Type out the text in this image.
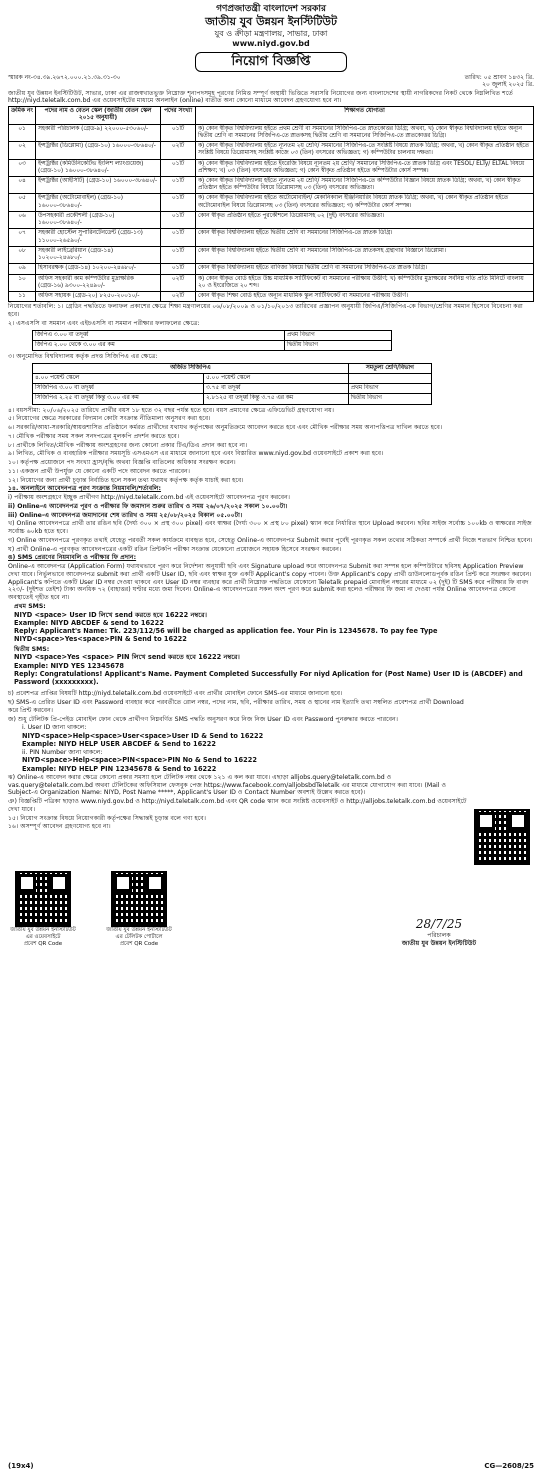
গণপ্রজাতন্ত্রী বাংলাদেশ সরকার
জাতীয় যুব উন্নয়ন ইনস্টিটিউট
যুব ও ক্রীড়া মন্ত্রণালয়, সাভার, ঢাকা
www.niyd.gov.bd
নিয়োগ বিজ্ঞপ্তি
স্মারক নং-৩৪.৩৯.২৬৭২.০০০.২১.৩৯.৩১-৩০	তারিখ: ০৫ শ্রাবণ ১৪৩২ খ্রি.
২০ জুলাই ২০২৫ খ্রি.

জাতীয় যুব উন্নয়ন ইনস্টিটিউট, সাভার, ঢাকা এর রাজস্বখাতভুক্ত নিম্নোক্ত শূন্যপদসমূহ পূরণের নিমিত্ত সম্পূর্ণ অস্থায়ী ভিত্তিতে সরাসরি নিয়োগের জন্য বাংলাদেশের স্থায়ী নাগরিকদের নিকট থেকে নিম্নলিখিত শর্তে http://niyd.teletalk.com.bd এর ওয়েবসাইটের মাধ্যমে অনলাইন (online) ব্যতীত অন্য কোনো মাধ্যমে আবেদন গ্রহণযোগ্য হবে না।

ক্রমিক নং	পদের নাম ও বেতন স্কেল (জাতীয় বেতন স্কেল ২০১৫ অনুযায়ী)	পদের সংখ্যা	শিক্ষাগত যোগ্যতা
০১	সহকারী পরিচালক (গ্রেড-৯) ২২০০০-৫৩০৬০/-	০১টি	ক) কোন স্বীকৃত বিশ্ববিদ্যালয় হইতে প্রথম শ্রেণী বা সমমানের সিজিপিএ-তে স্নাতকোত্তর ডিগ্রি; অথবা, খ) কোন স্বীকৃত বিশ্ববিদ্যালয় হইতে অন্যূন দ্বিতীয় শ্রেণি বা সমমানের সিজিপিএ-তে স্নাতকসহ দ্বিতীয় শ্রেণি বা সমমানের সিজিপিএ-তে স্নাতকোত্তর ডিগ্রি।
০২	ইন্সট্রাক্টর (ডিপ্লোমা) (গ্রেড-১০) ১৬০০০-৩৮৬৪০/-	০২টি	ক) কোন স্বীকৃত বিশ্ববিদ্যালয় হইতে ন্যূনতম ২য় শ্রেণি/ সমমানের সিজিপিএ-তে সংশ্লিষ্ট বিষয়ে স্নাতক ডিগ্রি; অথবা, খ) কোন স্বীকৃত প্রতিষ্ঠান হইতে সংশ্লিষ্ট বিষয়ে ডিপ্লোমাসহ সংশ্লিষ্ট কাজে ০৩ (তিন) বৎসরের অভিজ্ঞতা; গ) কম্পিউটার চালনায় দক্ষতা।
০৩	ইন্সট্রাক্টর (কমিউনিকেটিভ ইংলিশ ল্যাংগুয়েজ) (গ্রেড-১০) ১৬০০০-৩৮৬৪০/-	০১টি	ক) কোন স্বীকৃত বিশ্ববিদ্যালয় হইতে ইংরেজি বিষয়ে ন্যূনতম ২য় শ্রেণি/ সমমানের সিজিপিএ-তে স্নাতক ডিগ্রি এবং TESOL/ ELTy/ ELTAL বিষয়ে প্রশিক্ষণ; খ) ০৩ (তিন) বৎসরের অভিজ্ঞতা; গ) কোন স্বীকৃত প্রতিষ্ঠান হইতে কম্পিউটার কোর্স সম্পন্ন।
০৪	ইন্সট্রাক্টর (আইসিটি) (গ্রেড-১০) ১৬০০০-৩৮৬৪০/-	০১টি	ক) কোন স্বীকৃত বিশ্ববিদ্যালয় হইতে ন্যূনতম ২য় শ্রেণি/ সমমানের সিজিপিএ-তে কম্পিউটার বিজ্ঞান বিষয়ে স্নাতক ডিগ্রি; অথবা, খ) কোন স্বীকৃত প্রতিষ্ঠান হইতে কম্পিউটার বিষয়ে ডিপ্লোমাসহ ০৩ (তিন) বৎসরের অভিজ্ঞতা।
০৫	ইন্সট্রাক্টর (অটোমোবাইল) (গ্রেড-১০) ১৬০০০-৩৮৬৪০/-	০১টি	ক) কোন স্বীকৃত বিশ্ববিদ্যালয় হইতে অটোমোবাইল/ মেকানিক্যাল ইঞ্জিনিয়ারিং বিষয়ে স্নাতক ডিগ্রি; অথবা, খ) কোন স্বীকৃত প্রতিষ্ঠান হইতে অটোমোবাইল বিষয়ে ডিপ্লোমাসহ ০৩ (তিন) বৎসরের অভিজ্ঞতা; গ) কম্পিউটার কোর্স সম্পন্ন।
০৬	উপসহকারী প্রকৌশলী (গ্রেড-১০) ১৬০০০-৩৮৬৪০/-	০১টি	কোন স্বীকৃত প্রতিষ্ঠান হইতে পুরকৌশলে ডিপ্লোমাসহ ০২ (দুই) বৎসরের অভিজ্ঞতা।
০৭	সহকারী হোস্টেল সুপারিনটেনডেন্ট (গ্রেড-১৩) ১১০০০-২৬৫৯০/-	০১টি	কোন স্বীকৃত বিশ্ববিদ্যালয় হইতে দ্বিতীয় শ্রেণি বা সমমানের সিজিপিএ-তে স্নাতক ডিগ্রি।
০৮	সহকারী লাইব্রেরিয়ান (গ্রেড-১৪) ১০২০০-২৪৬৮০/-	০১টি	কোন স্বীকৃত বিশ্ববিদ্যালয় হইতে দ্বিতীয় শ্রেণি বা সমমানের সিজিপিএ-তে স্নাতকসহ গ্রন্থাগার বিজ্ঞানে ডিপ্লোমা।
০৯	হিসাবরক্ষক (গ্রেড-১৪) ১০২০০-২৪৬৮০/-	০১টি	কোন স্বীকৃত বিশ্ববিদ্যালয় হইতে বাণিজ্য বিষয়ে দ্বিতীয় শ্রেণি বা সমমানের সিজিপিএ-তে স্নাতক ডিগ্রি।
১০	অফিস সহকারী কাম কম্পিউটার মুদ্রাক্ষরিক (গ্রেড-১৬) ৯৩০০-২২৪৯০/-	০২টি	ক) কোন স্বীকৃত বোর্ড হইতে উচ্চ মাধ্যমিক সার্টিফিকেট বা সমমানের পরীক্ষায় উত্তীর্ণ; খ) কম্পিউটার মুদ্রাক্ষরের সর্বনিম্ন গতি প্রতি মিনিটে বাংলায় ২০ ও ইংরেজিতে ২০ শব্দ।
১১	অফিস সহায়ক (গ্রেড-২০) ৮২৫০-২০০১০/-	০২টি	কোন স্বীকৃত শিক্ষা বোর্ড হইতে অন্যূন মাধ্যমিক স্কুল সার্টিফিকেট বা সমমানের পরীক্ষায় উত্তীর্ণ।

নিয়োগের শর্তাবলি: ১। গ্রেডিং পদ্ধতিতে ফলাফল প্রকাশের ক্ষেত্রে শিক্ষা মন্ত্রণালয়ের ০৬/০৮/২০০৯ ও ০১/১০/২০১৩ তারিখের প্রজ্ঞাপন অনুযায়ী জিপিএ/সিজিপিএ-কে বিভাগ/শ্রেণির সমমান হিসেবে বিবেচনা করা হবে।

২। এসএসসি বা সমমান এবং এইচএসসি বা সমমান পরীক্ষার ফলাফলের ক্ষেত্রে:

জিপিএ ৩.০০ বা তদূর্ধ্ব	প্রথম বিভাগ
জিপিএ ২.০০ থেকে ৩.০০ এর কম	দ্বিতীয় বিভাগ

৩। অনুমোদিত বিশ্ববিদ্যালয় কর্তৃক প্রদত্ত সিজিপিএ এর ক্ষেত্রে:

অর্জিত সিজিপিএ		সমতুল্য শ্রেণি/বিভাগ
৪.০০ পয়েন্ট স্কেলে	৫.০০ পয়েন্ট স্কেলে	
সিজিপিএ ৩.০০ বা তদূর্ধ্ব	৩.৭৫ বা তদূর্ধ্ব	প্রথম বিভাগ
সিজিপিএ ২.২৫ বা তদূর্ধ্ব কিন্তু ৩.০০ এর কম	২.৮১২৫ বা তদূর্ধ্ব কিন্তু ৩.৭৫ এর কম	দ্বিতীয় বিভাগ

৪। বয়সসীমা: ২০/০৬/২০২৫ তারিখে প্রার্থীর বয়স ১৮ হতে ৩২ বছর পর্যন্ত হতে হবে। বয়স প্রমাণের ক্ষেত্রে এফিডেভিট গ্রহণযোগ্য নয়।

৫। নিয়োগের ক্ষেত্রে সরকারের বিদ্যমান কোটা সংক্রান্ত নীতিমালা অনুসরণ করা হবে।

৬। সরকারি/আধা-সরকারি/স্বায়ত্তশাসিত প্রতিষ্ঠানে কর্মরত প্রার্থীদের যথাযথ কর্তৃপক্ষের অনুমতিক্রমে আবেদন করতে হবে এবং মৌখিক পরীক্ষার সময় অনাপত্তিপত্র দাখিল করতে হবে।

৭। মৌখিক পরীক্ষার সময় সকল সনদপত্রের মূলকপি প্রদর্শন করতে হবে।

৮। প্রার্থীকে লিখিত/মৌখিক পরীক্ষায় অংশগ্রহণের জন্য কোনো প্রকার টিএ/ডিএ প্রদান করা হবে না।

৯। লিখিত, মৌখিক ও ব্যবহারিক পরীক্ষার সময়সূচি এসএমএস এর মাধ্যমে জানানো হবে এবং বিস্তারিত www.niyd.gov.bd ওয়েবসাইটে প্রকাশ করা হবে।

১০। কর্তৃপক্ষ প্রয়োজনে পদ সংখ্যা হ্রাস/বৃদ্ধি অথবা বিজ্ঞপ্তি বাতিলের অধিকার সংরক্ষণ করেন।

১১। একজন প্রার্থী উপর্যুক্ত যে কোনো একটি পদে আবেদন করতে পারবেন।

১২। নিয়োগের জন্য প্রার্থী চূড়ান্ত নির্বাচিত হলে সকল তথ্য যথাযথ কর্তৃপক্ষ কর্তৃক যাচাই করা হবে।

১৪. অনলাইনে আবেদনপত্র পূরণ সংক্রান্ত নিয়মাবলি/শর্তাবলি:

i) পরীক্ষায় অংশগ্রহণে ইচ্ছুক প্রার্থীগণ http://niyd.teletalk.com.bd এই ওয়েবসাইটে আবেদনপত্র পূরণ করবেন।

ii) Online-এ আবেদনপত্র পূরণ ও পরীক্ষার ফি জমাদান শুরুর তারিখ ও সময় ২৬/০৭/২০২৫ সকাল ১০.০০টা।

iii) Online-এ আবেদনপত্র জমাদানের শেষ তারিখ ও সময় ২৫/০৮/২০২৫ বিকাল ০৫.০০টা।

খ) Online আবেদনপত্রে প্রার্থী তার রঙিন ছবি (দৈর্ঘ্য ৩০০ × প্রস্থ ৩০০ pixel) এবং স্বাক্ষর (দৈর্ঘ্য ৩০০ × প্রস্থ ৮০ pixel) স্ক্যান করে নির্ধারিত স্থানে Upload করবেন। ছবির সাইজ সর্বোচ্চ ১০০kb ও স্বাক্ষরের সাইজ সর্বোচ্চ ৬০kb হতে হবে।

গ) Online আবেদনপত্রে পূরণকৃত তথ্যই যেহেতু পরবর্তী সকল কার্যক্রমে ব্যবহৃত হবে, সেহেতু Online-এ আবেদনপত্র Submit করার পূর্বেই পূরণকৃত সকল তথ্যের সঠিকতা সম্পর্কে প্রার্থী নিজে শতভাগ নিশ্চিত হবেন।

ঘ) প্রার্থী Online-এ পূরণকৃত আবেদনপত্রের একটি রঙিন প্রিন্টকপি পরীক্ষা সংক্রান্ত যেকোনো প্রয়োজনে সহায়ক হিসেবে সংরক্ষণ করবেন।

ঙ) SMS প্রেরণের নিয়মাবলি ও পরীক্ষার ফি প্রদান:

Online-এ আবেদনপত্র (Application Form) যথাযথভাবে পূরণ করে নির্দেশনা অনুযায়ী ছবি এবং Signature upload করে আবেদনপত্র Submit করা সম্পন্ন হলে কম্পিউটারে ছবিসহ Application Preview দেখা যাবে। নির্ভুলভাবে আবেদনপত্র submit করা প্রার্থী একটি User ID, ছবি এবং স্বাক্ষর যুক্ত একটি Applicant's copy পাবেন। উক্ত Applicant's copy প্রার্থী ডাউনলোডপূর্বক রঙিন প্রিন্ট করে সংরক্ষণ করবেন। Applicant's কপিতে একটি User ID নম্বর দেওয়া থাকবে এবং User ID নম্বর ব্যবহার করে প্রার্থী নিম্নোক্ত পদ্ধতিতে যেকোনো Teletalk prepaid মোবাইল নম্বরের মাধ্যমে ০২ (দুই) টি SMS করে পরীক্ষার ফি বাবদ ২২৩/- (দুইশত তেইশ) টাকা অনধিক ৭২ (বাহাত্তর) ঘণ্টার মধ্যে জমা দিবেন। Online-এ আবেদনপত্রের সকল অংশ পূরণ করে submit করা হলেও পরীক্ষার ফি জমা না দেওয়া পর্যন্ত Online আবেদনপত্র কোনো অবস্থাতেই গৃহীত হবে না।

প্রথম SMS:
NIYD <space> User ID লিখে send করতে হবে 16222 নম্বরে।
Example: NIYD ABCDEF & send to 16222
Reply: Applicant's Name: Tk. 223/112/56 will be charged as application fee. Your Pin is 12345678. To pay fee Type NIYD<space>Yes<space>PIN & Send to 16222
দ্বিতীয় SMS:
NIYD <space>Yes <space> PIN লিখে send করতে হবে 16222 নম্বরে।
Example: NIYD YES 12345678
Reply: Congratulations! Applicant's Name. Payment Completed Successfully For niyd Aplication for (Post Name) User ID is (ABCDEF) and Password (xxxxxxxxx).

চ) প্রবেশপত্র প্রাপ্তির বিষয়টি http://niyd.teletalk.com.bd ওয়েবসাইটে এবং প্রার্থীর মোবাইল ফোনে SMS-এর মাধ্যমে জানানো হবে।

ছ) SMS-এ প্রেরিত User ID এবং Password ব্যবহার করে পরবর্তীতে রোল নম্বর, পদের নাম, ছবি, পরীক্ষার তারিখ, সময় ও স্থানের নাম ইত্যাদি তথ্য সম্বলিত প্রবেশপত্র প্রার্থী Download করে প্রিন্ট করবেন।

জ) শুধু টেলিটক প্রি-পেইড মোবাইল ফোন থেকে প্রার্থীগণ নিম্নবর্ণিত SMS পদ্ধতি অনুসরণ করে নিজ নিজ User ID এবং Password পুনরুদ্ধার করতে পারবেন।

i. User ID জানা থাকলে:
NIYD<space>Help<space>User<space>User ID & Send to 16222
Example: NIYD HELP USER ABCDEF & Send to 16222
ii. PIN Number জানা থাকলে:
NIYD<space>Help<space>PIN<space>PIN No & Send to 16222
Example: NIYD HELP PIN 12345678 & Send to 16222

ঝ) Online-এ আবেদন করার ক্ষেত্রে কোনো প্রকার সমস্যা হলে টেলিটক নম্বর থেকে ১২১ এ কল করা যাবে। এছাড়া alljobs.query@teletalk.com.bd ও vas.query@teletalk.com.bd অথবা টেলিটকের অফিসিয়াল ফেসবুক পেজ https://www.facebook.com/alljobsbdTeletalk এর মাধ্যমে যোগাযোগ করা যাবে। (Mail ও Subject-এ Organization Name: NIYD, Post Name *****, Applicant's User ID ও Contact Number অবশ্যই উল্লেখ করতে হবে)।

ঞ) বিজ্ঞপ্তিটি পত্রিকা ছাড়াও www.niyd.gov.bd ও http://niyd.teletalk.com.bd এবং QR code স্ক্যান করে সংশ্লিষ্ট ওয়েবসাইট ও http://alljobs.teletalk.com.bd ওয়েবসাইটে দেখা যাবে।

১৫। নিয়োগ সংক্রান্ত বিষয়ে নিয়োগকারী কর্তৃপক্ষের সিদ্ধান্তই চূড়ান্ত বলে গণ্য হবে।

১৬। অসম্পূর্ণ আবেদন গ্রহণযোগ্য হবে না।

জাতীয় যুব উন্নয়ন ইনস্টিটিউট
এর ওয়েবসাইটে
প্রবেশ QR Code
জাতীয় যুব উন্নয়ন ইনস্টিটিউট
এর টেলিটক পোর্টালে
প্রবেশ QR Code
28/7/25
পরিচালক
জাতীয় যুব উন্নয়ন ইনস্টিটিউট
(19x4)	CG—2608/25
